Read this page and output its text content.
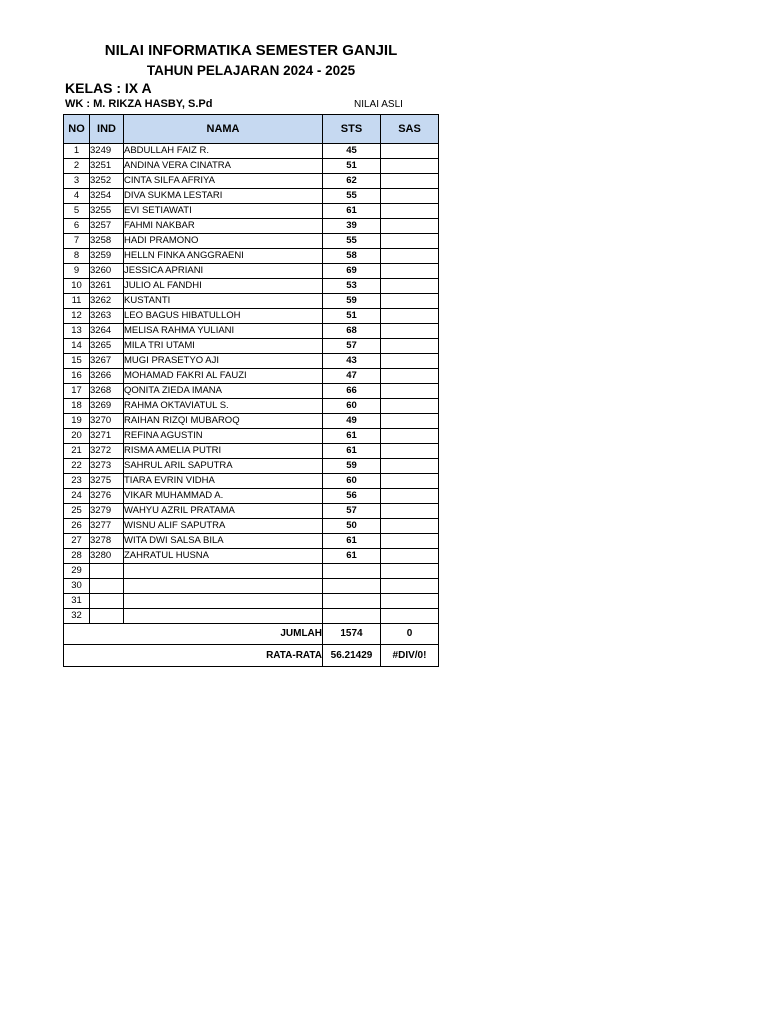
NILAI INFORMATIKA SEMESTER GANJIL
TAHUN PELAJARAN 2024 - 2025
KELAS : IX A
WK : M. RIKZA HASBY, S.Pd	NILAI ASLI
NO	IND	NAMA	STS	SAS
1	3249	ABDULLAH FAIZ R.	45	
2	3251	ANDINA VERA CINATRA	51	
3	3252	CINTA SILFA AFRIYA	62	
4	3254	DIVA SUKMA LESTARI	55	
5	3255	EVI SETIAWATI	61	
6	3257	FAHMI NAKBAR	39	
7	3258	HADI PRAMONO	55	
8	3259	HELLN FINKA ANGGRAENI	58	
9	3260	JESSICA APRIANI	69	
10	3261	JULIO AL FANDHI	53	
11	3262	KUSTANTI	59	
12	3263	LEO BAGUS HIBATULLOH	51	
13	3264	MELISA RAHMA YULIANI	68	
14	3265	MILA TRI UTAMI	57	
15	3267	MUGI PRASETYO AJI	43	
16	3266	MOHAMAD FAKRI AL FAUZI	47	
17	3268	QONITA ZIEDA IMANA	66	
18	3269	RAHMA OKTAVIATUL S.	60	
19	3270	RAIHAN RIZQI MUBAROQ	49	
20	3271	REFINA AGUSTIN	61	
21	3272	RISMA AMELIA PUTRI	61	
22	3273	SAHRUL ARIL SAPUTRA	59	
23	3275	TIARA EVRIN VIDHA	60	
24	3276	VIKAR MUHAMMAD A.	56	
25	3279	WAHYU AZRIL PRATAMA	57	
26	3277	WISNU ALIF SAPUTRA	50	
27	3278	WITA DWI SALSA BILA	61	
28	3280	ZAHRATUL HUSNA	61	
29				
30				
31				
32				
JUMLAH			1574	0
RATA-RATA			56.21429	#DIV/0!
